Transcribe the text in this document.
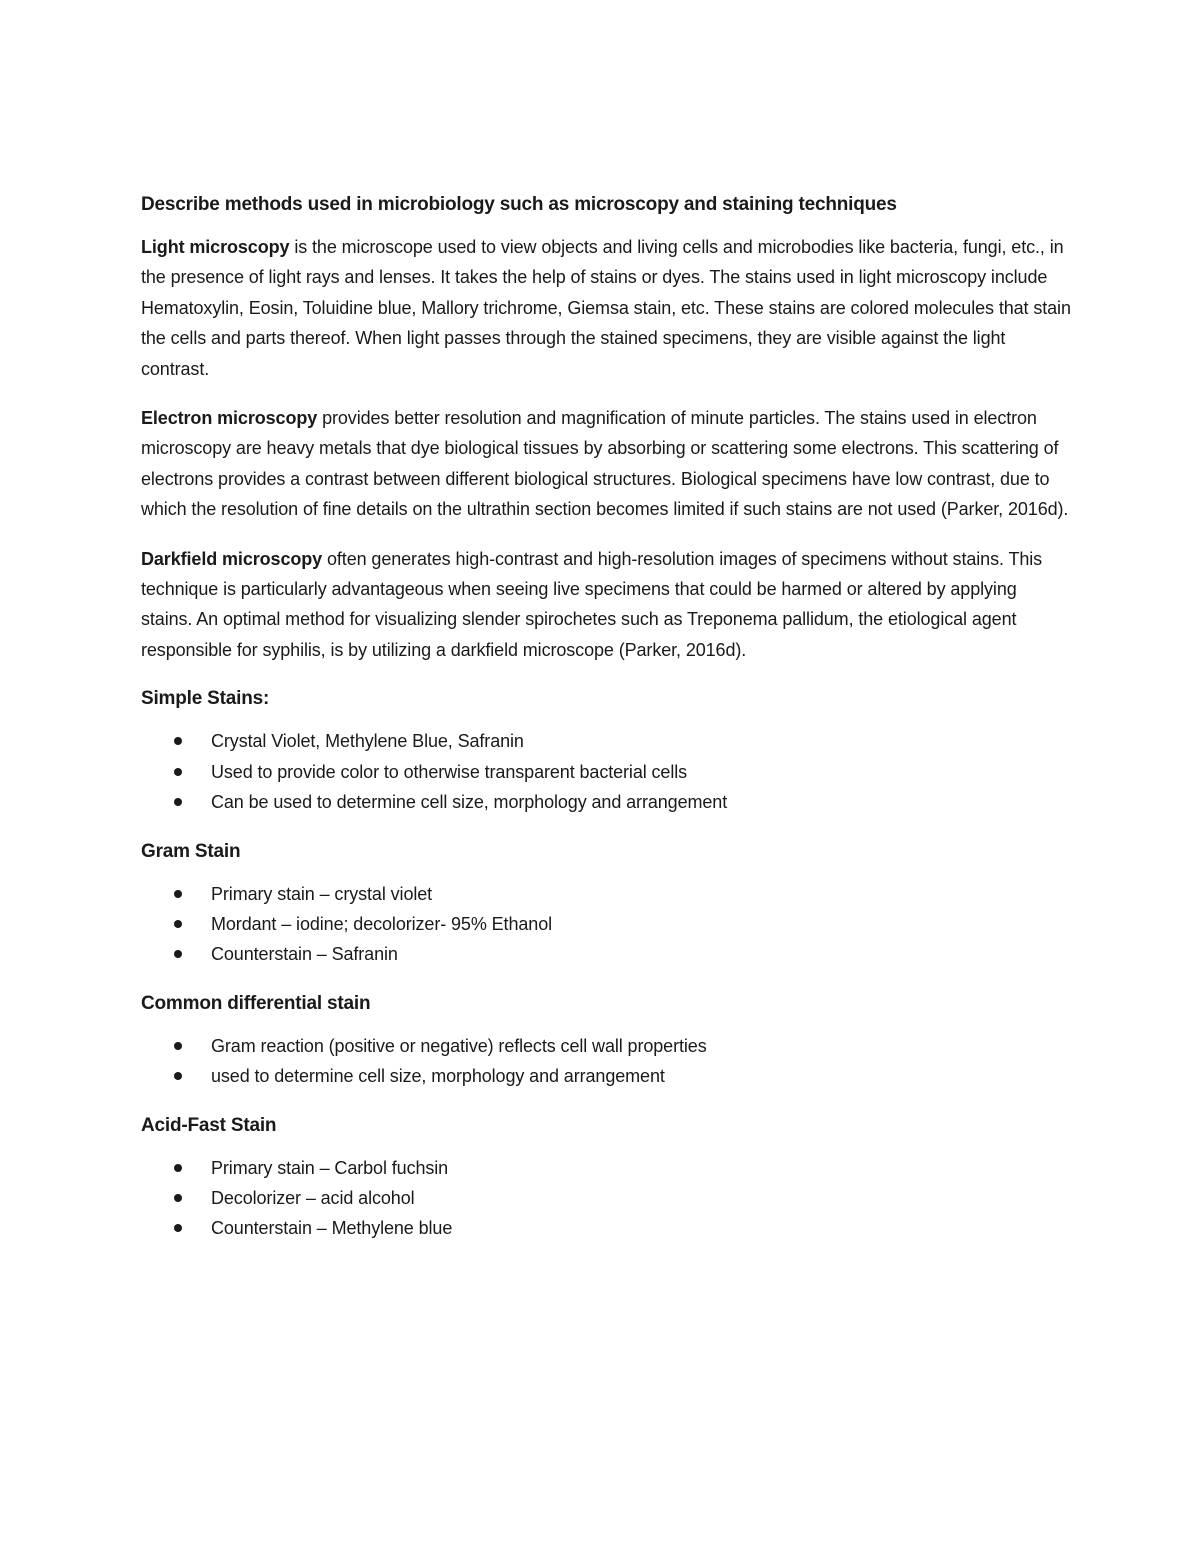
Describe methods used in microbiology such as microscopy and staining techniques

Light microscopy is the microscope used to view objects and living cells and microbodies like bacteria, fungi, etc., in the presence of light rays and lenses. It takes the help of stains or dyes. The stains used in light microscopy include Hematoxylin, Eosin, Toluidine blue, Mallory trichrome, Giemsa stain, etc. These stains are colored molecules that stain the cells and parts thereof. When light passes through the stained specimens, they are visible against the light contrast.

Electron microscopy provides better resolution and magnification of minute particles. The stains used in electron microscopy are heavy metals that dye biological tissues by absorbing or scattering some electrons. This scattering of electrons provides a contrast between different biological structures. Biological specimens have low contrast, due to which the resolution of fine details on the ultrathin section becomes limited if such stains are not used (Parker, 2016d).

Darkfield microscopy often generates high-contrast and high-resolution images of specimens without stains. This technique is particularly advantageous when seeing live specimens that could be harmed or altered by applying stains. An optimal method for visualizing slender spirochetes such as Treponema pallidum, the etiological agent responsible for syphilis, is by utilizing a darkfield microscope (Parker, 2016d).

Simple Stains:
Crystal Violet, Methylene Blue, Safranin
Used to provide color to otherwise transparent bacterial cells
Can be used to determine cell size, morphology and arrangement
Gram Stain
Primary stain – crystal violet
Mordant – iodine; decolorizer- 95% Ethanol
Counterstain – Safranin
Common differential stain
Gram reaction (positive or negative) reflects cell wall properties
used to determine cell size, morphology and arrangement
Acid-Fast Stain
Primary stain – Carbol fuchsin
Decolorizer – acid alcohol
Counterstain – Methylene blue
